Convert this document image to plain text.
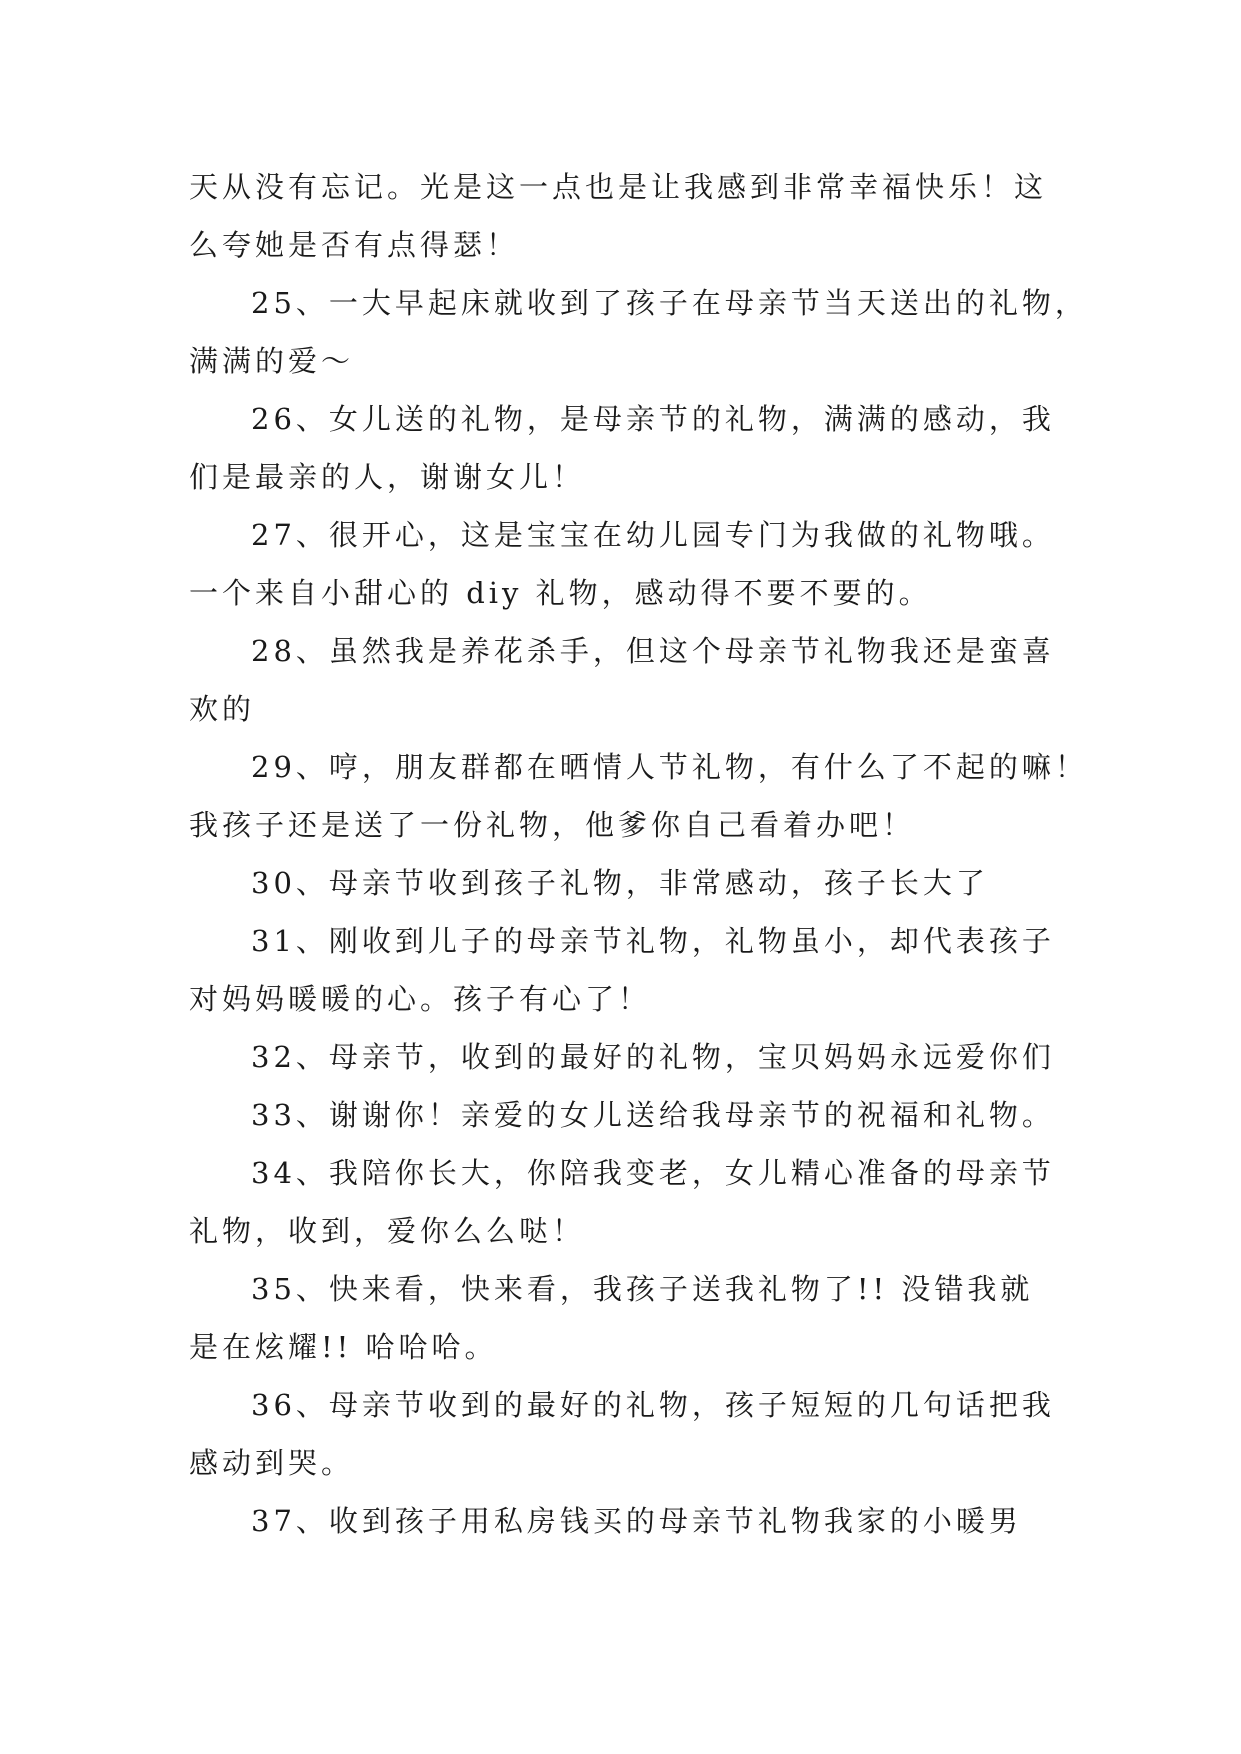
天从没有忘记。光是这一点也是让我感到非常幸福快乐！这
么夸她是否有点得瑟！

25、一大早起床就收到了孩子在母亲节当天送出的礼物，
满满的爱～

26、女儿送的礼物，是母亲节的礼物，满满的感动，我
们是最亲的人，谢谢女儿！

27、很开心，这是宝宝在幼儿园专门为我做的礼物哦。
一个来自小甜心的 diy 礼物，感动得不要不要的。

28、虽然我是养花杀手，但这个母亲节礼物我还是蛮喜
欢的

29、哼，朋友群都在晒情人节礼物，有什么了不起的嘛！
我孩子还是送了一份礼物，他爹你自己看着办吧！

30、母亲节收到孩子礼物，非常感动，孩子长大了

31、刚收到儿子的母亲节礼物，礼物虽小，却代表孩子
对妈妈暖暖的心。孩子有心了！

32、母亲节，收到的最好的礼物，宝贝妈妈永远爱你们

33、谢谢你！亲爱的女儿送给我母亲节的祝福和礼物。

34、我陪你长大，你陪我变老，女儿精心准备的母亲节
礼物，收到，爱你么么哒！

35、快来看，快来看，我孩子送我礼物了!! 没错我就
是在炫耀!! 哈哈哈。

36、母亲节收到的最好的礼物，孩子短短的几句话把我
感动到哭。

37、收到孩子用私房钱买的母亲节礼物我家的小暖男
